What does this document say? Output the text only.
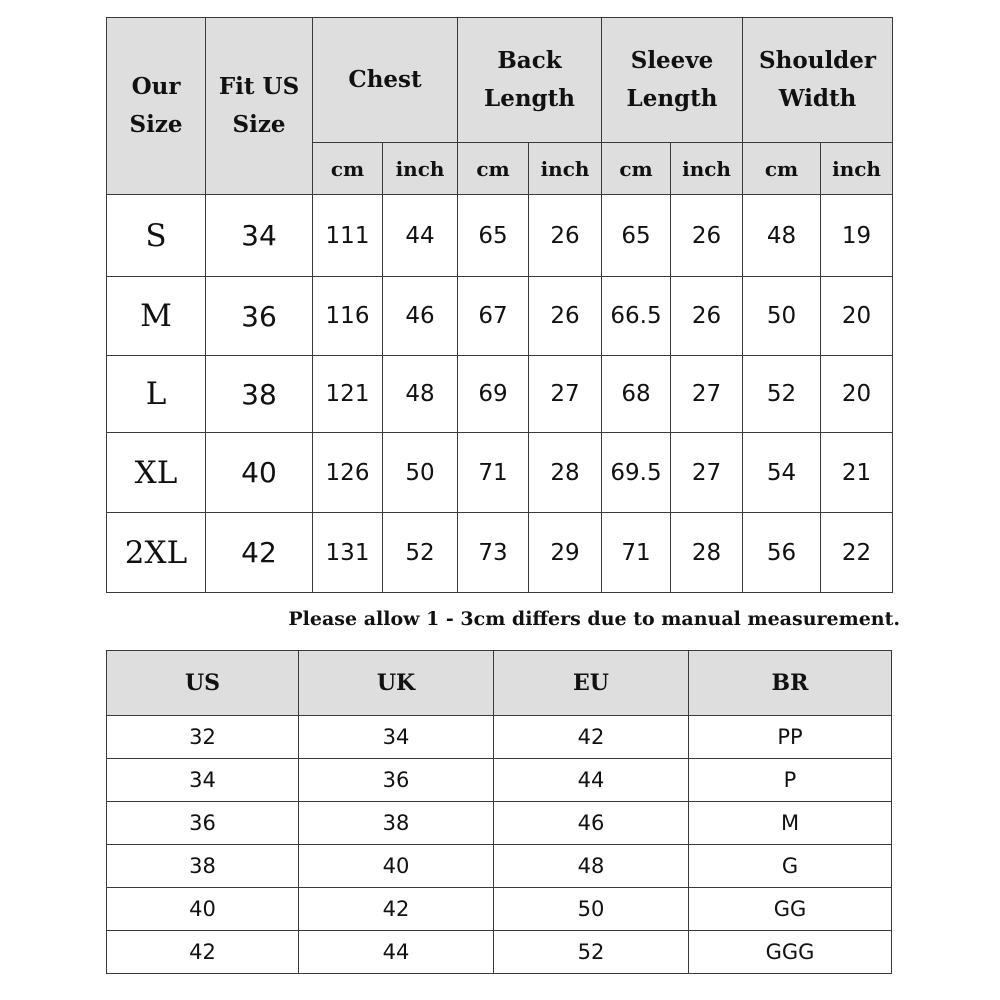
Our Size	Fit US Size	Chest		Back Length		Sleeve Length		Shoulder Width	
		cm	inch	cm	inch	cm	inch	cm	inch
S	34	111	44	65	26	65	26	48	19
M	36	116	46	67	26	66.5	26	50	20
L	38	121	48	69	27	68	27	52	20
XL	40	126	50	71	28	69.5	27	54	21
2XL	42	131	52	73	29	71	28	56	22
Please allow 1 - 3cm differs due to manual measurement.
US	UK	EU	BR
32	34	42	PP
34	36	44	P
36	38	46	M
38	40	48	G
40	42	50	GG
42	44	52	GGG
